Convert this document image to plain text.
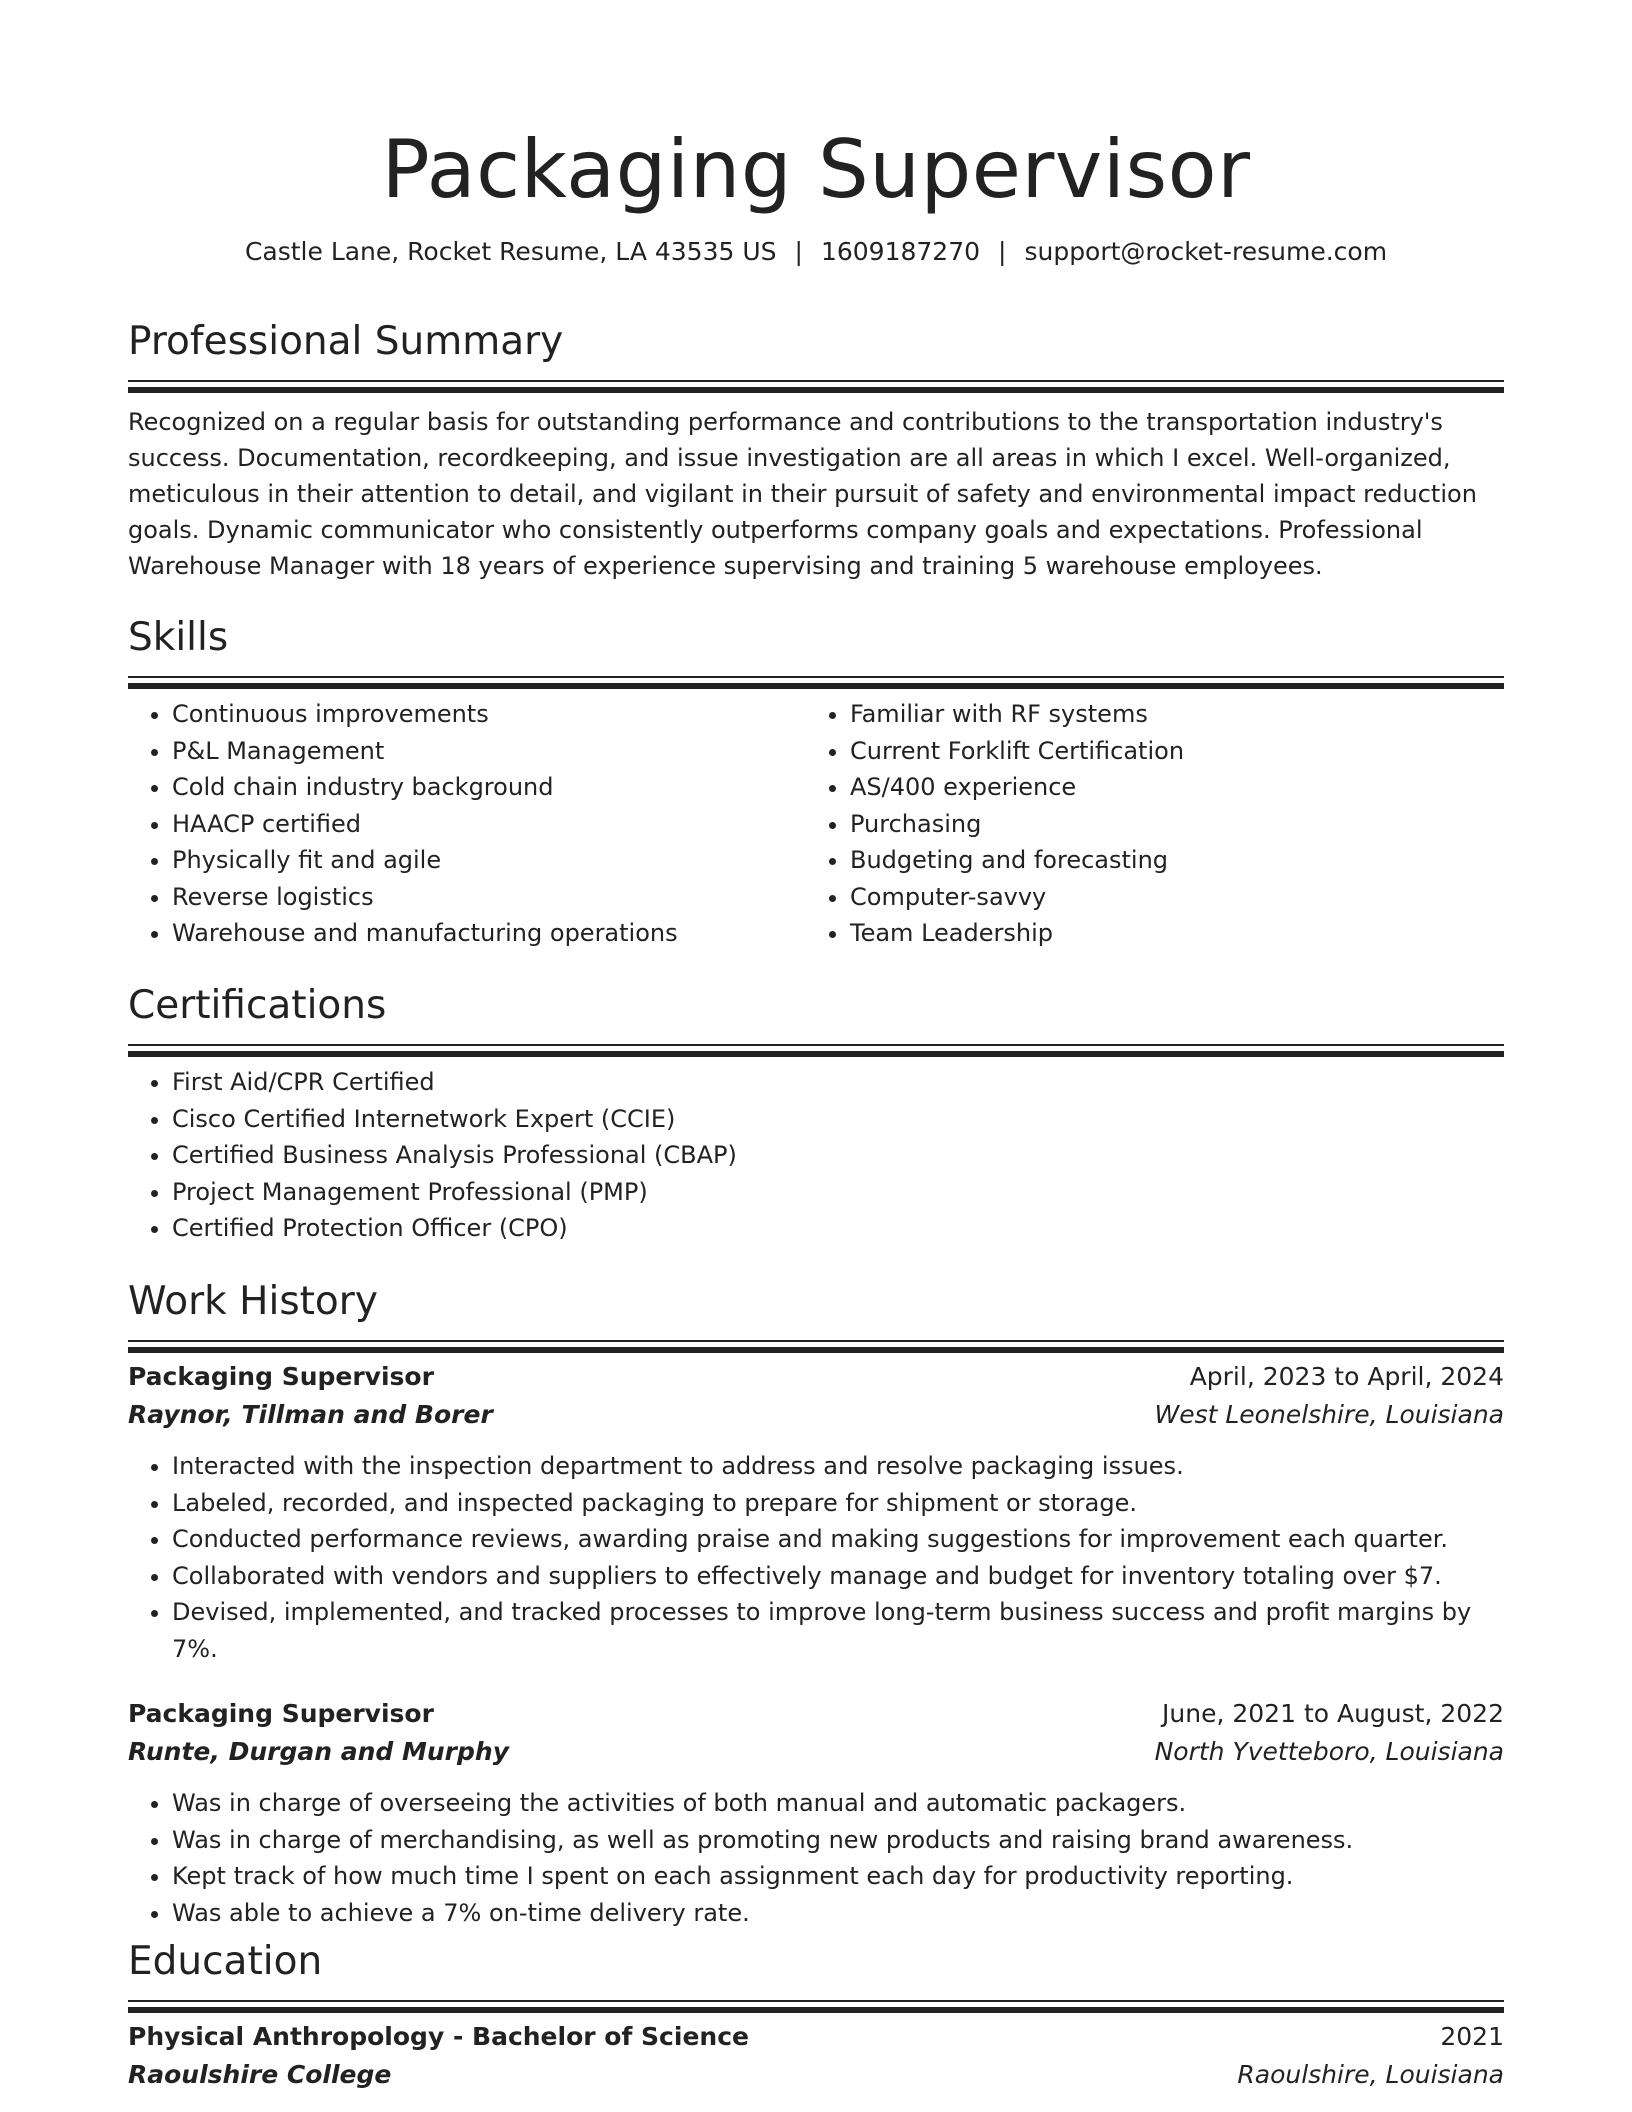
Packaging Supervisor
Castle Lane, Rocket Resume, LA 43535 US | 1609187270 | support@rocket-resume.com
Professional Summary
Recognized on a regular basis for outstanding performance and contributions to the transportation industry's success. Documentation, recordkeeping, and issue investigation are all areas in which I excel. Well-organized, meticulous in their attention to detail, and vigilant in their pursuit of safety and environmental impact reduction goals. Dynamic communicator who consistently outperforms company goals and expectations. Professional Warehouse Manager with 18 years of experience supervising and training 5 warehouse employees.
Skills
• Continuous improvements
• P&L Management
• Cold chain industry background
• HAACP certified
• Physically fit and agile
• Reverse logistics
• Warehouse and manufacturing operations
• Familiar with RF systems
• Current Forklift Certification
• AS/400 experience
• Purchasing
• Budgeting and forecasting
• Computer-savvy
• Team Leadership
Certifications
• First Aid/CPR Certified
• Cisco Certified Internetwork Expert (CCIE)
• Certified Business Analysis Professional (CBAP)
• Project Management Professional (PMP)
• Certified Protection Officer (CPO)
Work History
Packaging Supervisor	April, 2023 to April, 2024
Raynor, Tillman and Borer	West Leonelshire, Louisiana
• Interacted with the inspection department to address and resolve packaging issues.
• Labeled, recorded, and inspected packaging to prepare for shipment or storage.
• Conducted performance reviews, awarding praise and making suggestions for improvement each quarter.
• Collaborated with vendors and suppliers to effectively manage and budget for inventory totaling over $7.
• Devised, implemented, and tracked processes to improve long-term business success and profit margins by 7%.
Packaging Supervisor	June, 2021 to August, 2022
Runte, Durgan and Murphy	North Yvetteboro, Louisiana
• Was in charge of overseeing the activities of both manual and automatic packagers.
• Was in charge of merchandising, as well as promoting new products and raising brand awareness.
• Kept track of how much time I spent on each assignment each day for productivity reporting.
• Was able to achieve a 7% on-time delivery rate.
Education
Physical Anthropology - Bachelor of Science	2021
Raoulshire College	Raoulshire, Louisiana
